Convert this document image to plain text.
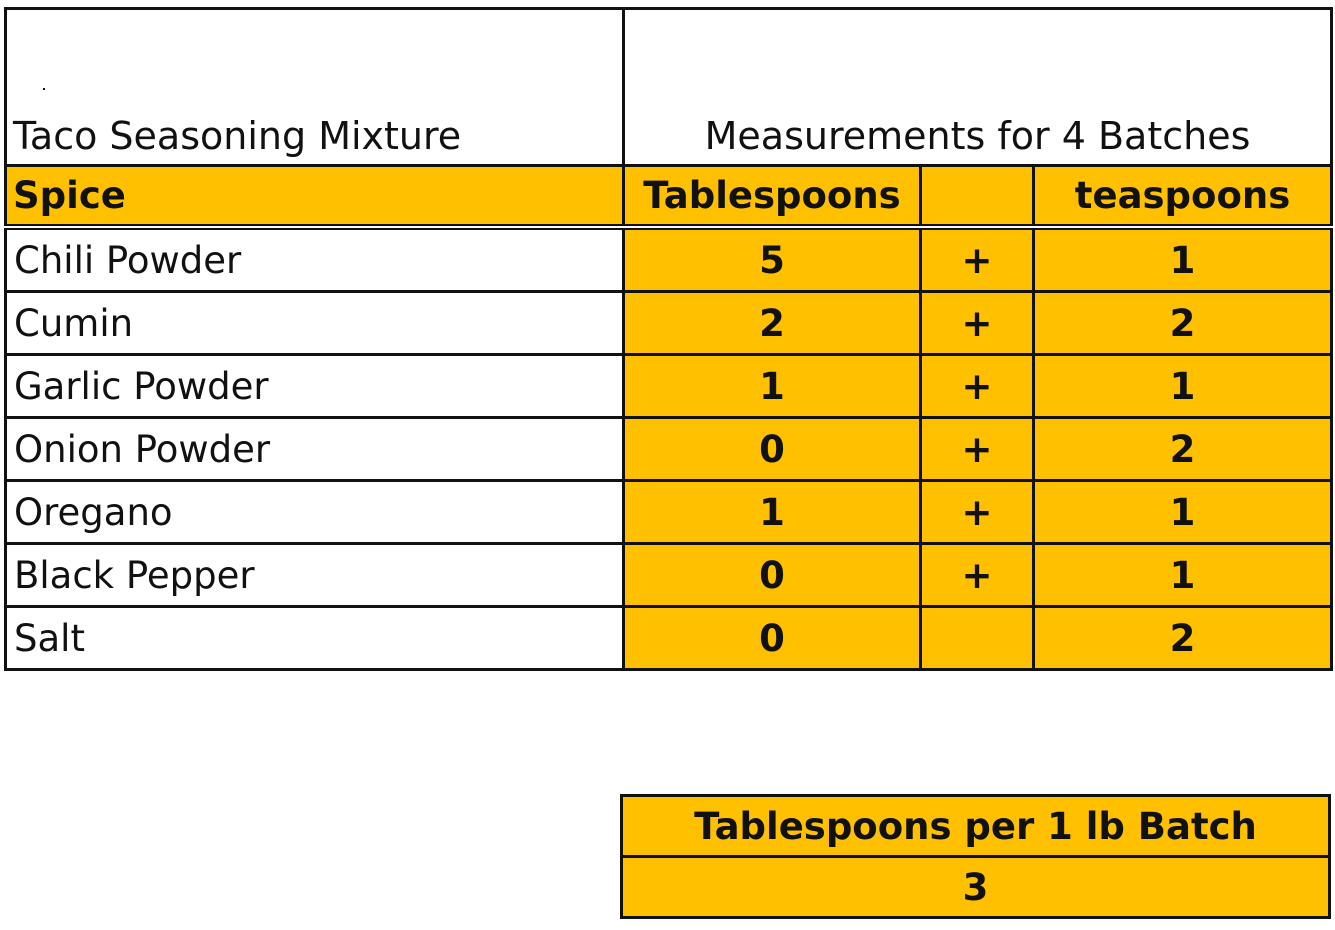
Taco Seasoning Mixture	Measurements for 4 Batches		
Spice	Tablespoons		teaspoons
Chili Powder	5	+	1
Cumin	2	+	2
Garlic Powder	1	+	1
Onion Powder	0	+	2
Oregano	1	+	1
Black Pepper	0	+	1
Salt	0		2
Tablespoons per 1 lb Batch
3
